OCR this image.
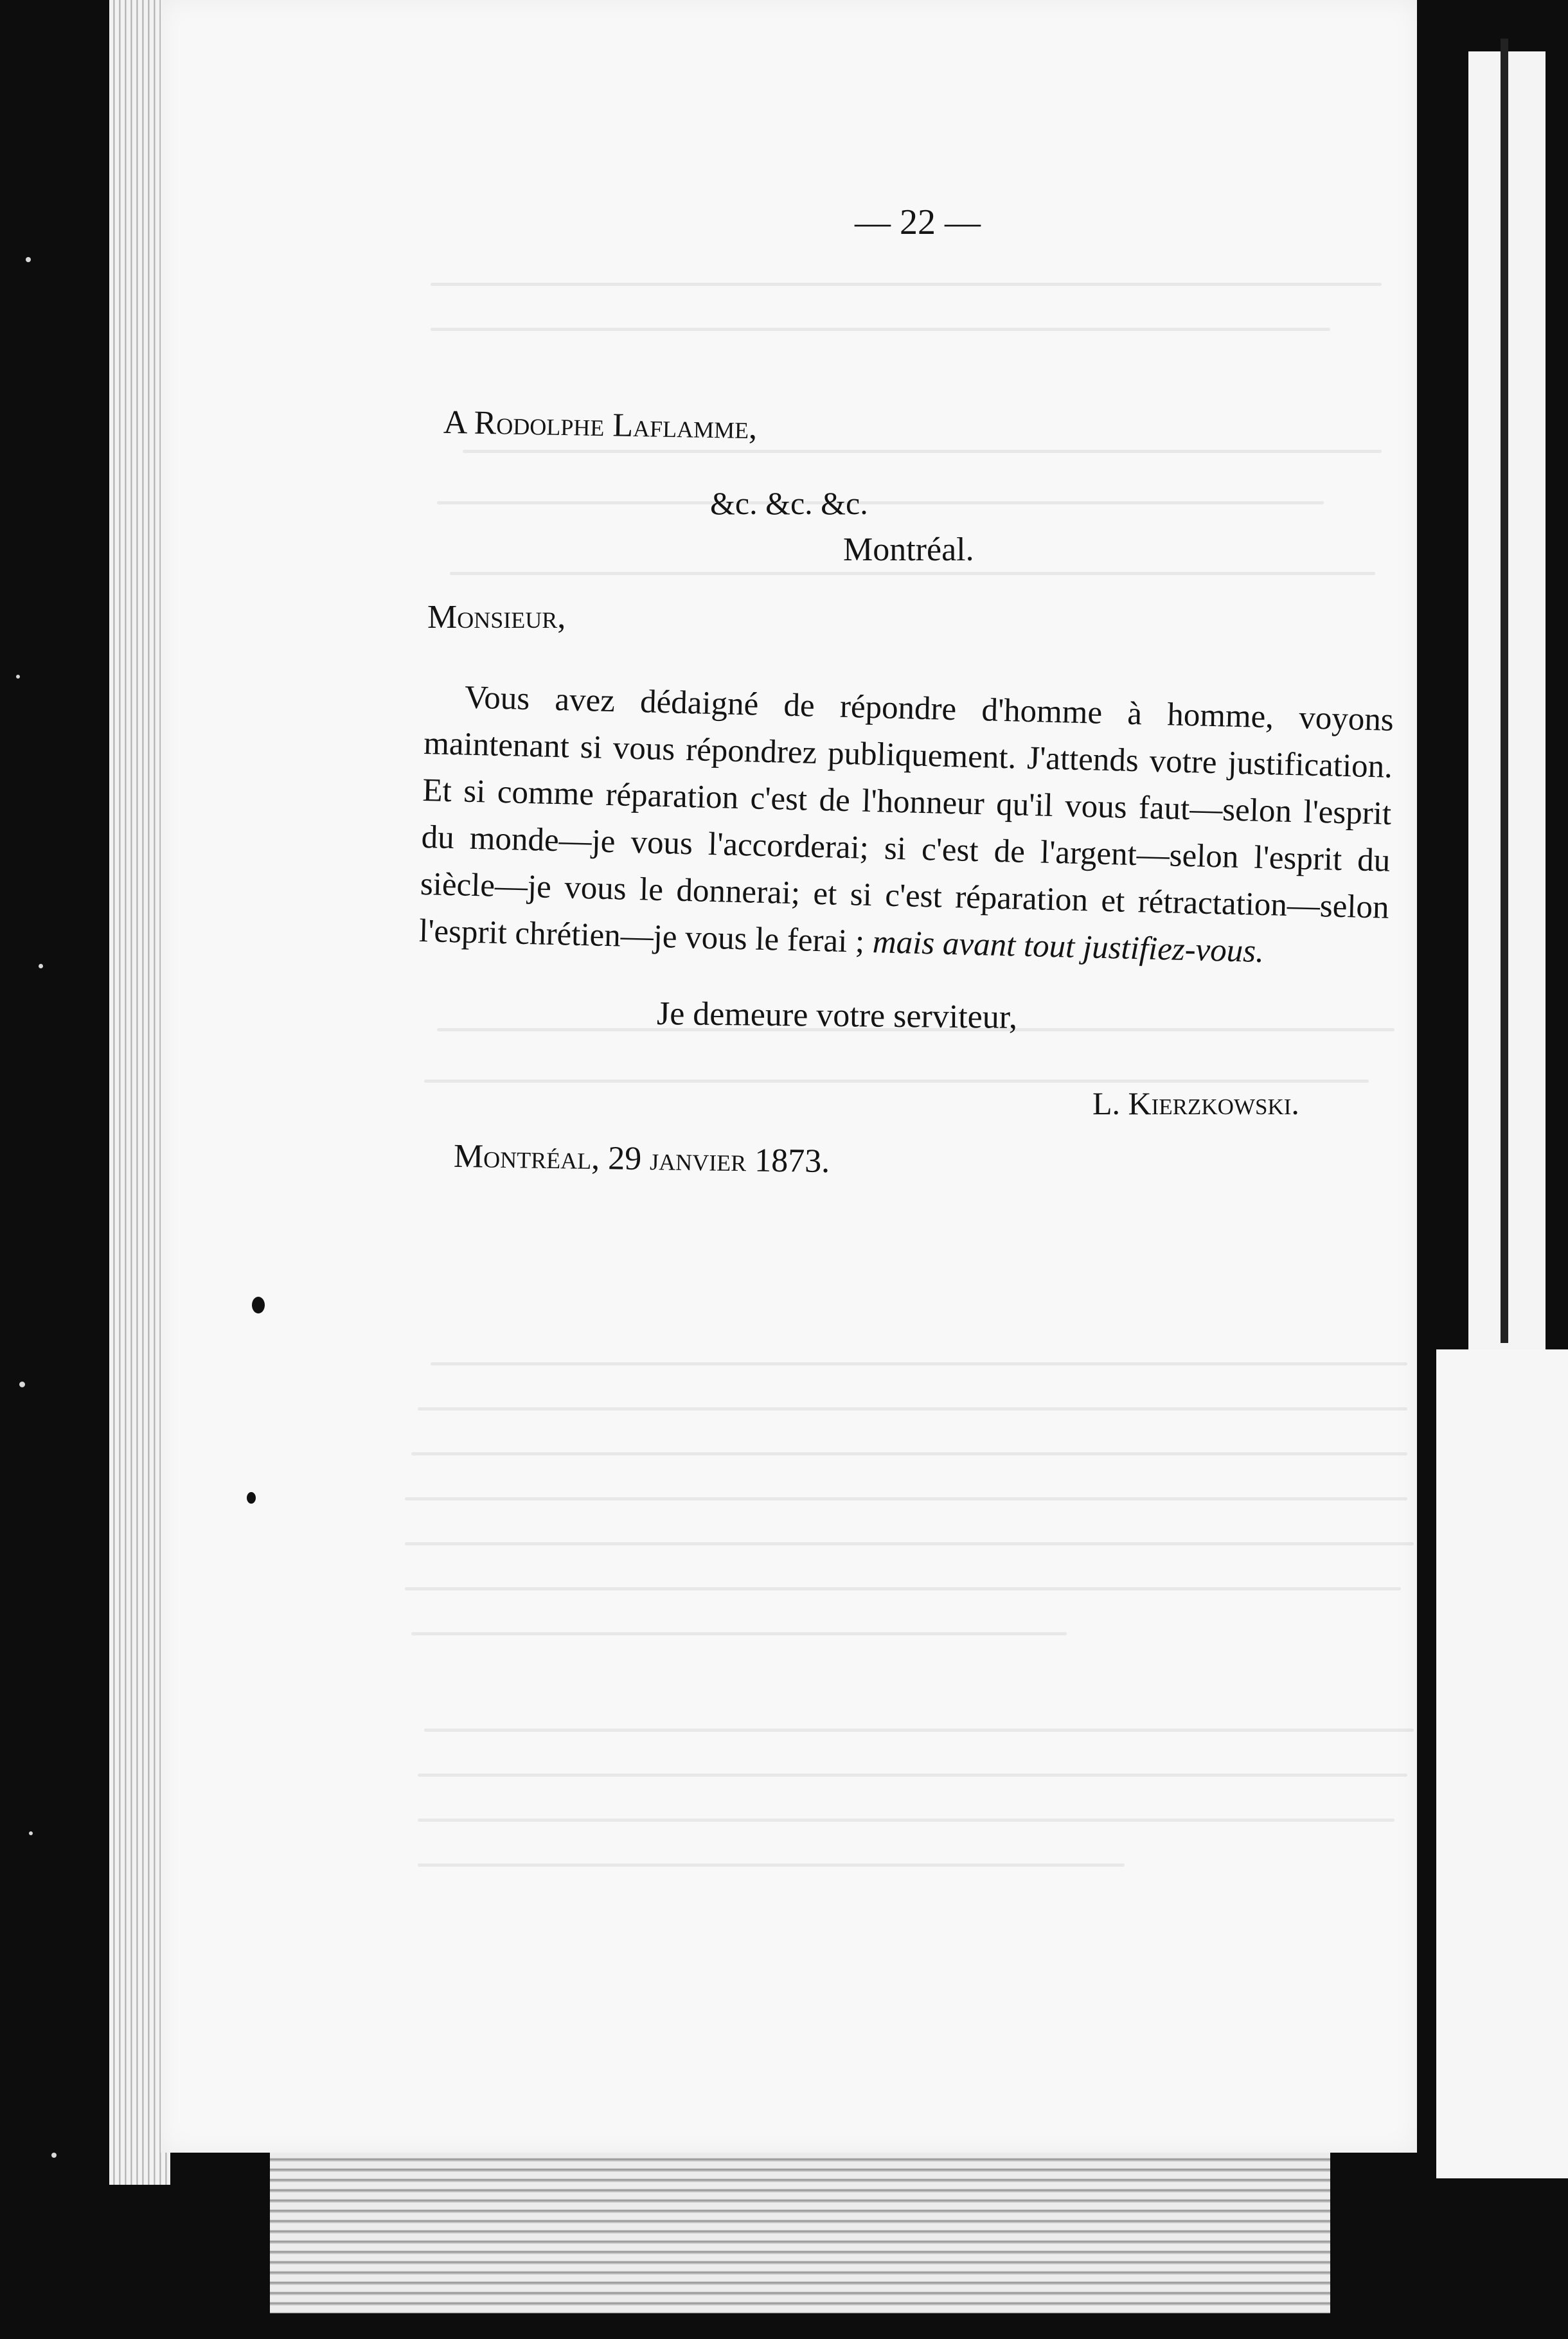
— 22 —
A Rodolphe Laflamme,
&c. &c. &c.
Montréal.
Monsieur,

Vous avez dédaigné de répondre d'homme à homme, voyons maintenant si vous répondrez publiquement. J'attends votre justification. Et si comme réparation c'est de l'honneur qu'il vous faut—selon l'esprit du monde—je vous l'accorderai; si c'est de l'argent—selon l'esprit du siècle—je vous le donnerai; et si c'est réparation et rétractation—selon l'esprit chrétien—je vous le ferai ; mais avant tout justifiez-vous.

Je demeure votre serviteur,
L. Kierzkowski.
Montréal, 29 janvier 1873.
